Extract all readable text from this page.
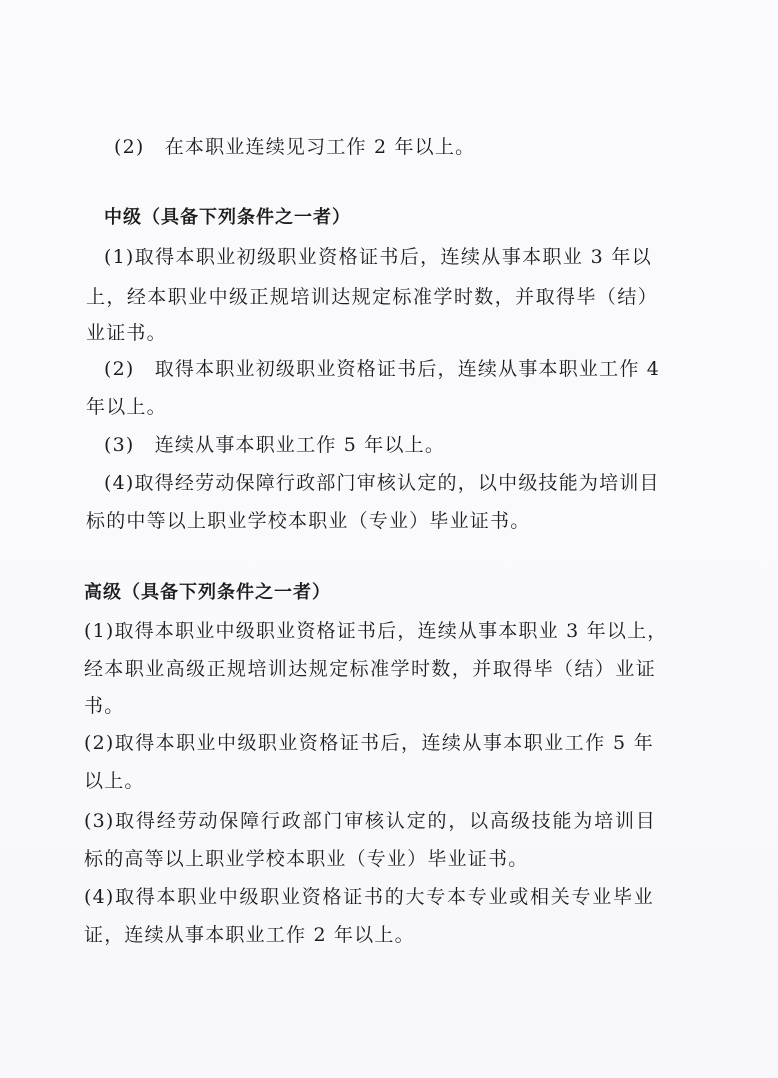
(2)　在本职业连续见习工作 2 年以上。
中级（具备下列条件之一者）
(1)取得本职业初级职业资格证书后，连续从事本职业 3 年以
上，经本职业中级正规培训达规定标准学时数，并取得毕（结）
业证书。
(2)　取得本职业初级职业资格证书后，连续从事本职业工作 4
年以上。
(3)　连续从事本职业工作 5 年以上。
(4)取得经劳动保障行政部门审核认定的，以中级技能为培训目
标的中等以上职业学校本职业（专业）毕业证书。
高级（具备下列条件之一者）
(1)取得本职业中级职业资格证书后，连续从事本职业 3 年以上，
经本职业高级正规培训达规定标准学时数，并取得毕（结）业证
书。
(2)取得本职业中级职业资格证书后，连续从事本职业工作 5 年
以上。
(3)取得经劳动保障行政部门审核认定的，以高级技能为培训目
标的高等以上职业学校本职业（专业）毕业证书。
(4)取得本职业中级职业资格证书的大专本专业或相关专业毕业
证，连续从事本职业工作 2 年以上。
